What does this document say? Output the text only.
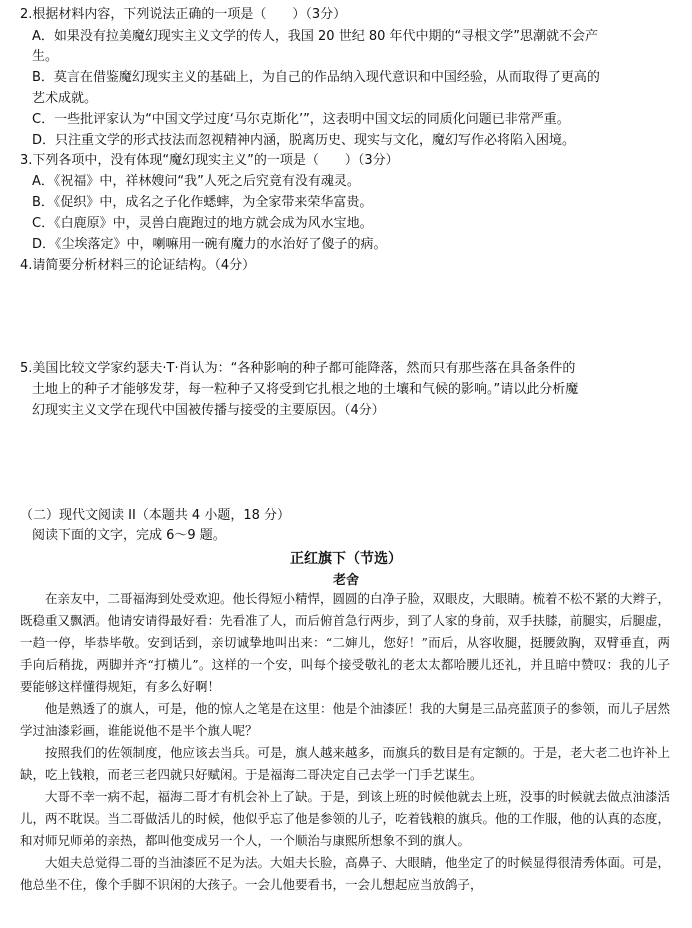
2.根据材料内容，下列说法正确的一项是（　　）（3分）
A．如果没有拉美魔幻现实主义文学的传人，我国 20 世纪 80 年代中期的“寻根文学”思潮就不会产
生。
B．莫言在借鉴魔幻现实主义的基础上，为自己的作品纳入现代意识和中国经验，从而取得了更高的
艺术成就。
C．一些批评家认为“中国文学过度‘马尔克斯化’”，这表明中国文坛的同质化问题已非常严重。
D．只注重文学的形式技法而忽视精神内涵，脱离历史、现实与文化，魔幻写作必将陷入困境。
3.下列各项中，没有体现“魔幻现实主义”的一项是（　　）（3分）
A．《祝福》中，祥林嫂问“我”人死之后究竟有没有魂灵。
B．《促织》中，成名之子化作蟋蟀，为全家带来荣华富贵。
C．《白鹿原》中，灵兽白鹿跑过的地方就会成为风水宝地。
D．《尘埃落定》中，喇嘛用一碗有魔力的水治好了傻子的病。
4.请简要分析材料三的论证结构。（4分）
5.美国比较文学家约瑟夫·T·肖认为：“各种影响的种子都可能降落，然而只有那些落在具备条件的
土地上的种子才能够发芽，每一粒种子又将受到它扎根之地的土壤和气候的影响。”请以此分析魔
幻现实主义文学在现代中国被传播与接受的主要原因。（4分）
（二）现代文阅读 II（本题共 4 小题，18 分）
阅读下面的文字，完成 6～9 题。
正红旗下（节选）
老舍

在亲友中，二哥福海到处受欢迎。他长得短小精悍，圆圆的白净子脸，双眼皮，大眼睛。梳着不松不紧的大辫子，既稳重又飘洒。他请安请得最好看：先看准了人，而后俯首急行两步，到了人家的身前，双手扶膝，前腿实，后腿虚，一趋一停，毕恭毕敬。安到话到，亲切诚挚地叫出来：“二婶儿，您好！”而后，从容收腿，挺腰敛胸，双臂垂直，两手向后稍拢，两脚并齐“打横儿”。这样的一个安，叫每个接受敬礼的老太太都哈腰儿还礼，并且暗中赞叹：我的儿子要能够这样懂得规矩，有多么好啊！

他是熟透了的旗人，可是，他的惊人之笔是在这里：他是个油漆匠！我的大舅是三品亮蓝顶子的参领，而儿子居然学过油漆彩画，谁能说他不是半个旗人呢？

按照我们的佐领制度，他应该去当兵。可是，旗人越来越多，而旗兵的数目是有定额的。于是，老大老二也许补上缺，吃上钱粮，而老三老四就只好赋闲。于是福海二哥决定自己去学一门手艺谋生。

大哥不幸一病不起，福海二哥才有机会补上了缺。于是，到该上班的时候他就去上班，没事的时候就去做点油漆活儿，两不耽误。当二哥做活儿的时候，他似乎忘了他是参领的儿子，吃着钱粮的旗兵。他的工作服，他的认真的态度，和对师兄师弟的亲热，都叫他变成另一个人，一个顺治与康熙所想象不到的旗人。

大姐夫总觉得二哥的当油漆匠不足为法。大姐夫长脸，高鼻子、大眼睛，他坐定了的时候显得很清秀体面。可是，他总坐不住，像个手脚不识闲的大孩子。一会儿他要看书，一会儿想起应当放鸽子，
